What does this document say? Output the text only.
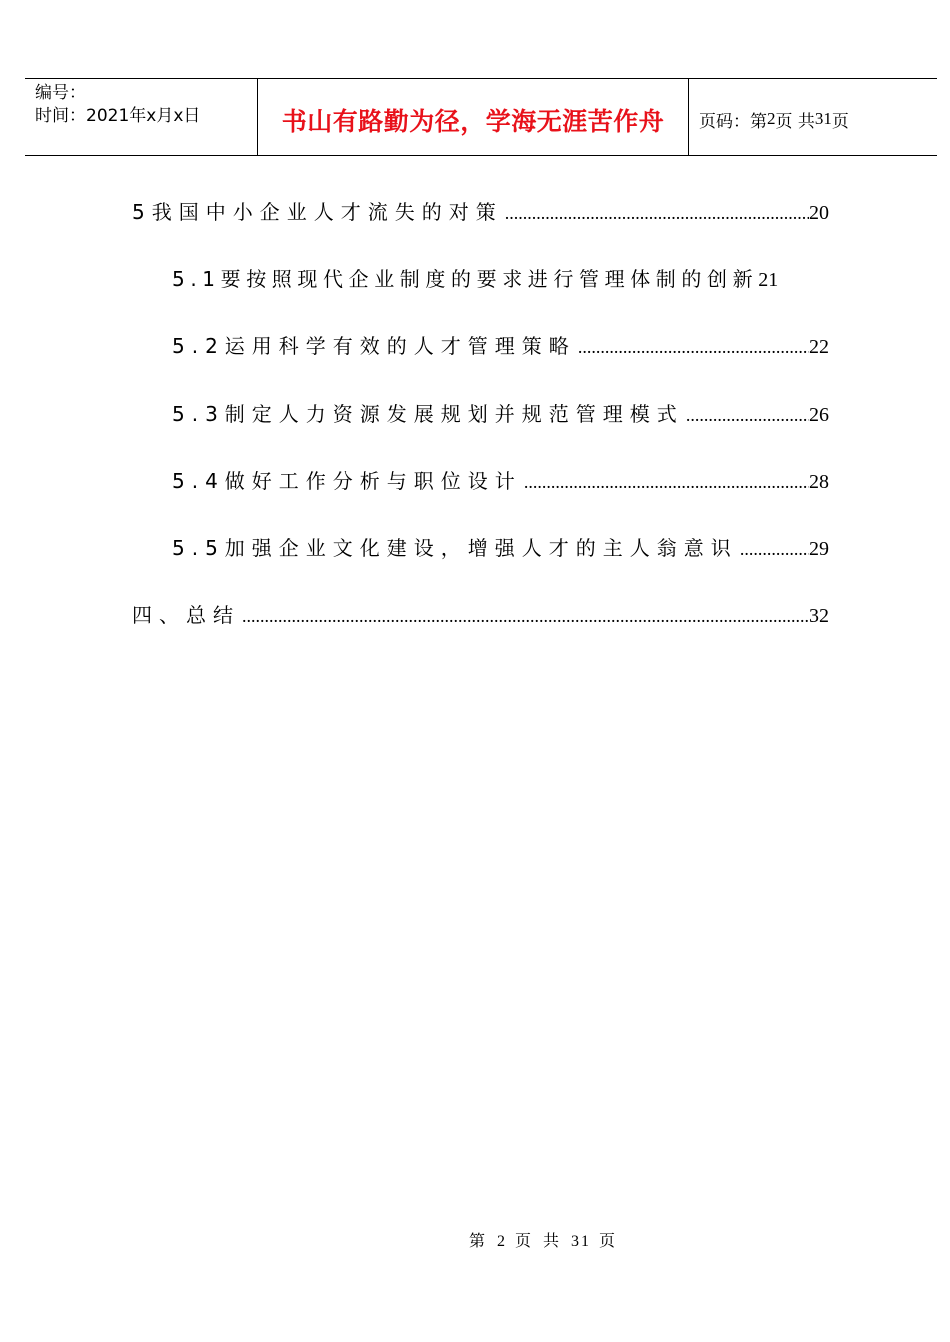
编号：
时间：2021年x月x日	书山有路勤为径，学海无涯苦作舟 页码：第 2 页 共 31 页
5我国中小企业人才流失的对策 .....	20
5.1要按照现代企业制度的要求进行管理体制的创新 21
5.2运用科学有效的人才管理策略 .....	22
5.3制定人力资源发展规划并规范管理模式 .....	26
5.4做好工作分析与职位设计 .....	28
5.5加强企业文化建设，增强人才的主人翁意识 .....	29
四、总结 .....	32
第 2 页 共 31 页
